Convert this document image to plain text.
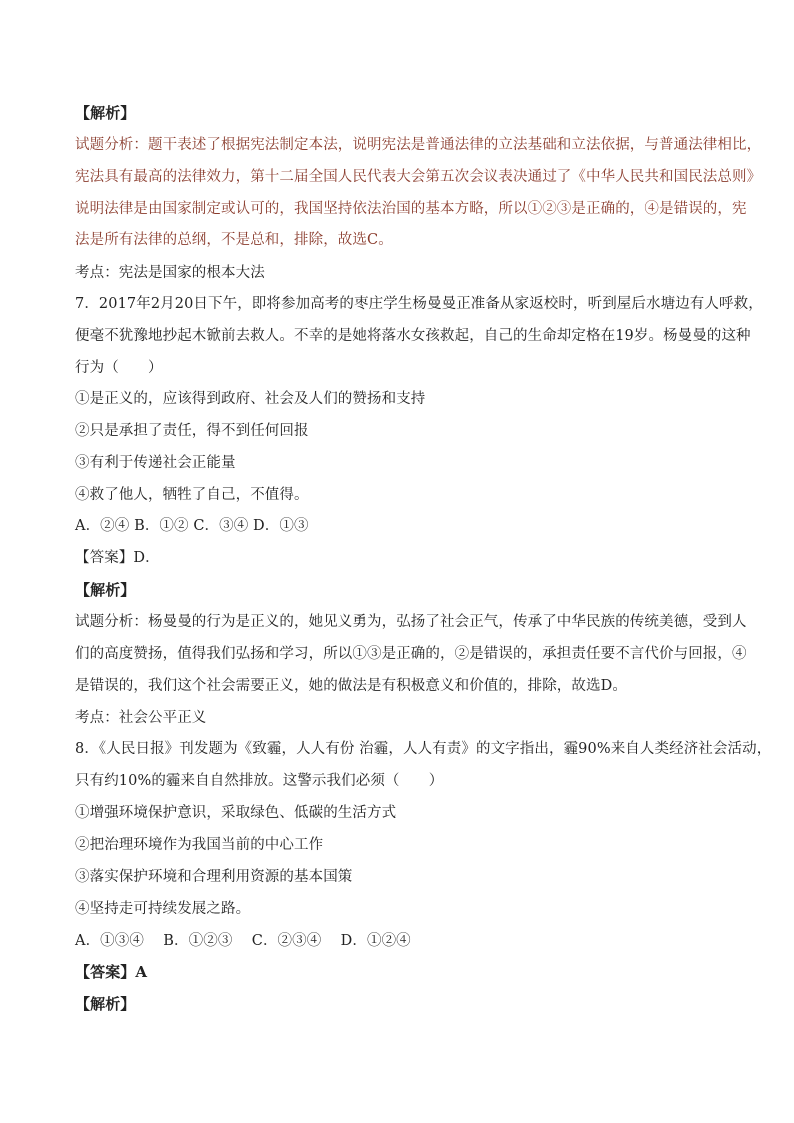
【解析】
试题分析：题干表述了根据宪法制定本法，说明宪法是普通法律的立法基础和立法依据，与普通法律相比，
宪法具有最高的法律效力，第十二届全国人民代表大会第五次会议表决通过了《中华人民共和国民法总则》
说明法律是由国家制定或认可的，我国坚持依法治国的基本方略，所以①②③是正确的，④是错误的，宪
法是所有法律的总纲，不是总和，排除，故选C。
考点：宪法是国家的根本大法
7．2017年2月20日下午，即将参加高考的枣庄学生杨曼曼正准备从家返校时，听到屋后水塘边有人呼救，
便毫不犹豫地抄起木锨前去救人。不幸的是她将落水女孩救起，自己的生命却定格在19岁。杨曼曼的这种
行为（　　）
①是正义的，应该得到政府、社会及人们的赞扬和支持
②只是承担了责任，得不到任何回报
③有利于传递社会正能量
④救了他人，牺牲了自己，不值得。
A．②④ B．①② C．③④ D．①③
【答案】D．
【解析】
试题分析：杨曼曼的行为是正义的，她见义勇为，弘扬了社会正气，传承了中华民族的传统美德，受到人
们的高度赞扬，值得我们弘扬和学习，所以①③是正确的，②是错误的，承担责任要不言代价与回报，④
是错误的，我们这个社会需要正义，她的做法是有积极意义和价值的，排除，故选D。
考点：社会公平正义
8．《人民日报》刊发题为《致霾，人人有份 治霾，人人有责》的文字指出，霾90%来自人类经济社会活动，
只有约10%的霾来自自然排放。这警示我们必须（　　）
①增强环境保护意识，采取绿色、低碳的生活方式
②把治理环境作为我国当前的中心工作
③落实保护环境和合理利用资源的基本国策
④坚持走可持续发展之路。
A．①③④　 B．①②③　 C．②③④　 D．①②④
【答案】A
【解析】
